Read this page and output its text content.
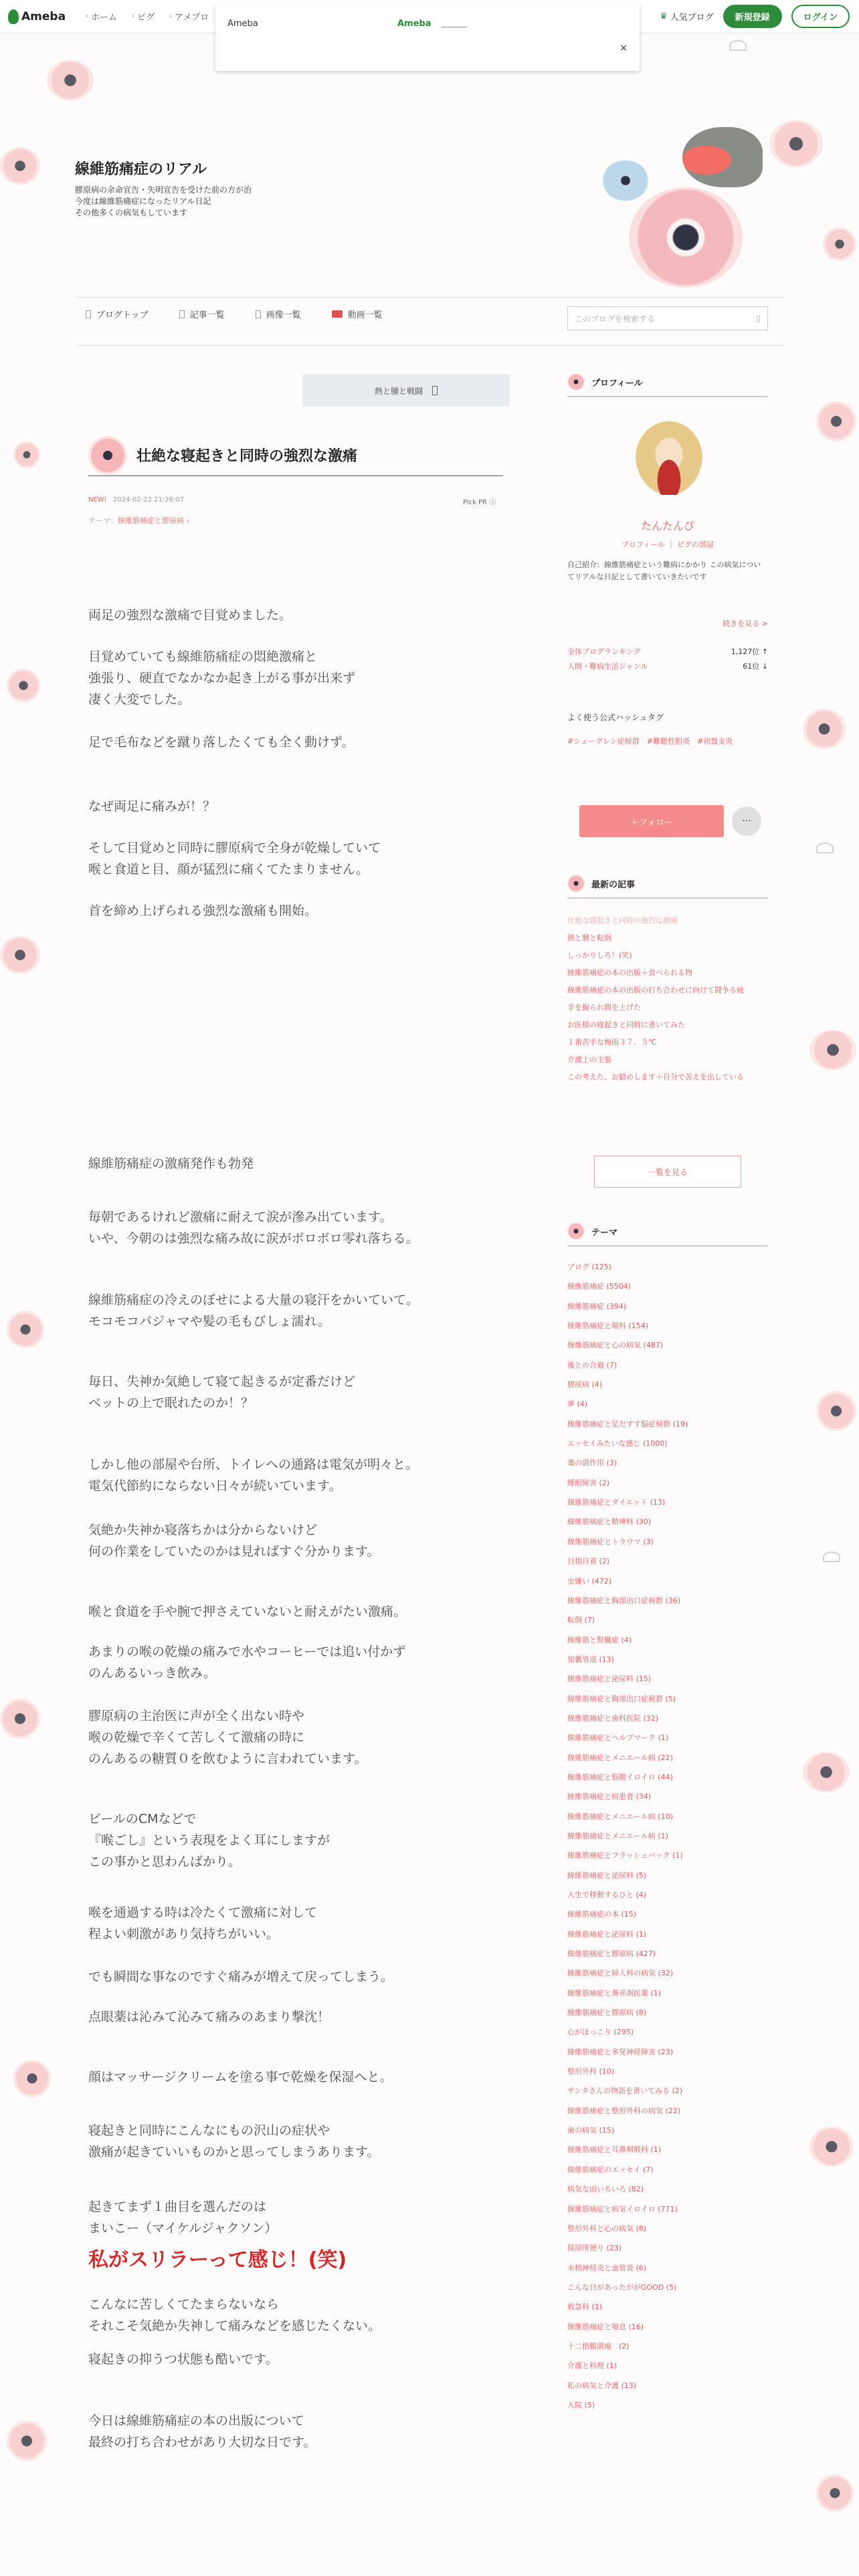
Ameba	› ホーム › ピグ › アメブロ	♛ 人気ブログ	新規登録	ログイン
Ameba	Ameba
×
線維筋痛症のリアル
膠原病の余命宣告・失明宣告を受けた前の方が治
今度は線維筋痛症になったリアル日記
その他多くの病気もしています
ブログトップ	記事一覧	画像一覧	動画一覧	このブログを検索する	▯
熱と腫と戦闘
壮絶な寝起きと同時の強烈な激痛
NEW! 2024-02-22 21:26:07	Pick PR ⓘ
テーマ：線維筋痛症と膠原病 ›

両足の強烈な激痛で目覚めました。

目覚めていても線維筋痛症の悶絶激痛と
強張り、硬直でなかなか起き上がる事が出来ず
凄く大変でした。

足で毛布などを蹴り落したくても全く動けず。

なぜ両足に痛みが！？

そして目覚めと同時に膠原病で全身が乾燥していて
喉と食道と目、顔が猛烈に痛くてたまりません。

首を締め上げられる強烈な激痛も開始。

線維筋痛症の激痛発作も勃発

毎朝であるけれど激痛に耐えて涙が滲み出ています。
いや、今朝のは強烈な痛み故に涙がボロボロ零れ落ちる。

線維筋痛症の冷えのぼせによる大量の寝汗をかいていて。
モコモコパジャマや髪の毛もびしょ濡れ。

毎日、失神か気絶して寝て起きるが定番だけど
ベットの上で眠れたのか！？

しかし他の部屋や台所、トイレへの通路は電気が明々と。
電気代節約にならない日々が続いています。

気絶か失神か寝落ちかは分からないけど
何の作業をしていたのかは見ればすぐ分かります。

喉と食道を手や腕で押さえていないと耐えがたい激痛。

あまりの喉の乾燥の痛みで水やコーヒーでは追い付かず
のんあるいっき飲み。

膠原病の主治医に声が全く出ない時や
喉の乾燥で辛くて苦しくて激痛の時に
のんあるの糖質０を飲むように言われています。

ビールのCMなどで
『喉ごし』という表現をよく耳にしますが
この事かと思わんばかり。

喉を通過する時は冷たくて激痛に対して
程よい刺激があり気持ちがいい。

でも瞬間な事なのですぐ痛みが増えて戻ってしまう。

点眼薬は沁みて沁みて痛みのあまり撃沈！

顔はマッサージクリームを塗る事で乾燥を保湿へと。

寝起きと同時にこんなにもの沢山の症状や
激痛が起きていいものかと思ってしまうあります。

起きてまず１曲目を選んだのは
まいこー（マイケルジャクソン）

私がスリラーって感じ！(笑)

こんなに苦しくてたまらないなら
それこそ気絶か失神して痛みなどを感じたくない。

寝起きの抑うつ状態も酷いです。

今日は線維筋痛症の本の出版について
最終の打ち合わせがあり大切な日です。

プロフィール
たんたんぴ
プロフィール ｜ ピグの部屋
自己紹介：線維筋痛症という難病にかかり この病気についてリアルな日記として書いていきたいです
続きを見る >
全体ブログランキング	1,127位 ↑
人間・難病生活ジャンル	61位 ↓
よく使う公式ハッシュタグ
#シェーグレン症候群　#難聴性胆炎　#初置支炎
＋フォロー	···
最新の記事
壮絶な寝起きと同時の強烈な激痛
熱と腫と転倒
しっかりしろ！(笑)
線維筋痛症の本の出版＋食べられる物
線維筋痛症の本の出版の打ち合わせに向けて闘争る疲
手を握られ問を上げた
お医様の寝起きと同時に書いてみた
１番苦手な梅雨３７．５℃
介護士の主張
この考えた、お勧めします＋自分で苦えを出している
一覧を見る
テーマ
ブログ (125)
線維筋痛症 (5504)
線維筋痛症 (394)
線維筋痛症と喘料 (154)
線維筋痛症と心の病気 (487)
後との合避 (7)
膠原病 (4)
夢 (4)
線維筋痛症と足だすす脳症候群 (19)
エッセイみたいな感じ (1000)
薬の副作用 (3)
睡眠障害 (2)
線維筋痛症とダイエット (13)
線維筋痛症と精神科 (30)
線維筋痛症とトラウマ (3)
目指自着 (2)
虫嫌い (472)
線維筋痛症と胸部出口症候群 (36)
転倒 (7)
線維筋と腎臓症 (4)
知囊衰退 (13)
線維筋痛症と泌尿料 (15)
線維筋痛症と胸部出口症候群 (5)
線維筋痛症と歯科医院 (32)
線維筋痛症とヘルプマーク (1)
線維筋痛症とメニエール病 (22)
線維筋痛症と悩腹イロイロ (44)
線維筋痛症と病患者 (34)
線維筋痛症とメニエール病 (10)
線維筋痛症とメニエール病 (1)
線維筋痛症とフラッシュバック (1)
線維筋痛症と泌尿料 (5)
入生で移動するひと (4)
線維筋痛症の本 (15)
線維筋痛症と泌尿料 (1)
線維筋痛症と膠原病 (427)
線維筋痛症と婦人科の病気 (32)
線維筋痛症と蕎弄剤医薬 (1)
線維筋痛症と膠原病 (8)
心がほっこり (295)
線維筋痛症と多発神経障害 (23)
整形外科 (10)
サンタさんの物語を書いてみる (2)
線維筋痛症と整形外科の病気 (22)
歯の病気 (15)
線維筋痛症と耳鼻咽喉科 (1)
線維筋痛症のエッセイ (7)
病気な面いろいろ (82)
線維筋痛症と病気イロイロ (771)
整形外科と心の病気 (8)
採尿所便り (23)
末梢神経炎と血管炎 (6)
こんな日があったががGOOD (5)
救急科 (1)
線維筋痛症と喘息 (16)
十二指腸潰瘍　(2)
介護と料理 (1)
私の病気と介護 (13)
入院 (5)
